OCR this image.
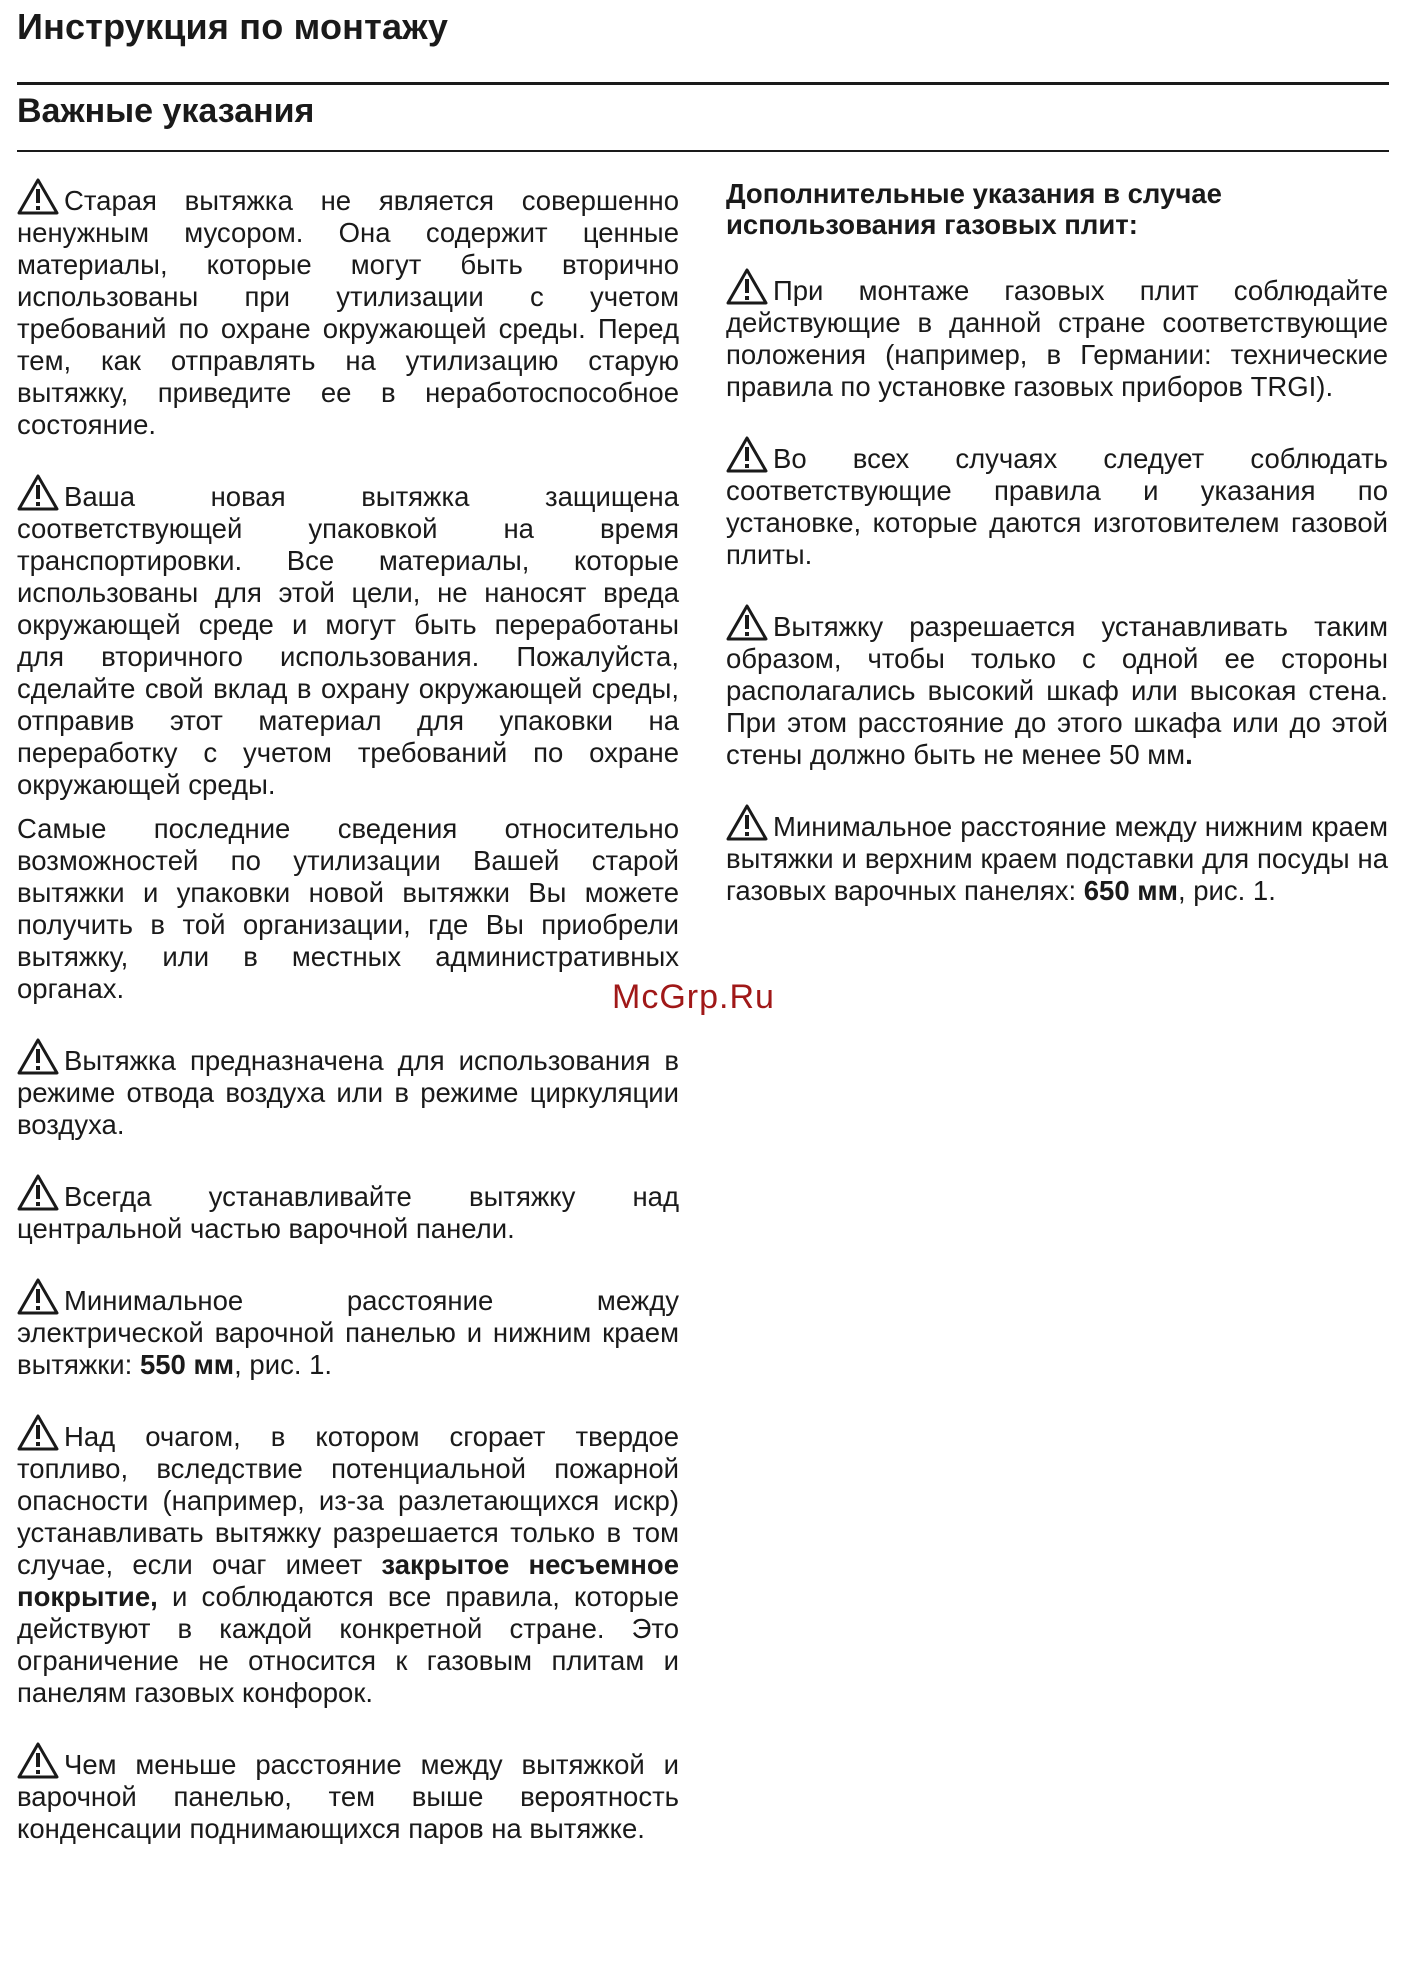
Инструкция по монтажу
Важные указания

Старая вытяжка не является совершенно ненужным мусором. Она содержит ценные материалы, которые могут быть вторично использованы при утилизации с учетом требований по охране окружающей среды. Перед тем, как отправлять на утилизацию старую вытяжку, приведите ее в неработоспособное состояние.

Ваша новая вытяжка защищена соответствующей упаковкой на время транспортировки. Все материалы, которые использованы для этой цели, не наносят вреда окружающей среде и могут быть переработаны для вторичного использования. Пожалуйста, сделайте свой вклад в охрану окружающей среды, отправив этот материал для упаковки на переработку с учетом требований по охране окружающей среды.

Самые последние сведения относительно возможностей по утилизации Вашей старой вытяжки и упаковки новой вытяжки Вы можете получить в той организации, где Вы приобрели вытяжку, или в местных административных органах.

Вытяжка предназначена для использования в режиме отвода воздуха или в режиме циркуляции воздуха.

Всегда устанавливайте вытяжку над центральной частью варочной панели.

Минимальное расстояние между электрической варочной панелью и нижним краем вытяжки: 550 мм, рис. 1.

Над очагом, в котором сгорает твердое топливо, вследствие потенциальной пожарной опасности (например, из-за разлетающихся искр) устанавливать вытяжку разрешается только в том случае, если очаг имеет закрытое несъемное покрытие, и соблюдаются все правила, которые действуют в каждой конкретной стране. Это ограничение не относится к газовым плитам и панелям газовых конфорок.

Чем меньше расстояние между вытяжкой и варочной панелью, тем выше вероятность конденсации поднимающихся паров на вытяжке.

Дополнительные указания в случае использования газовых плит:

При монтаже газовых плит соблюдайте действующие в данной стране соответствующие положения (например, в Германии: технические правила по установке газовых приборов TRGI).

Во всех случаях следует соблюдать соответствующие правила и указания по установке, которые даются изготовителем газовой плиты.

Вытяжку разрешается устанавливать таким образом, чтобы только с одной ее стороны располагались высокий шкаф или высокая стена. При этом расстояние до этого шкафа или до этой стены должно быть не менее 50 мм.

Минимальное расстояние между нижним краем вытяжки и верхним краем подставки для посуды на газовых варочных панелях: 650 мм, рис. 1.

McGrp.Ru
